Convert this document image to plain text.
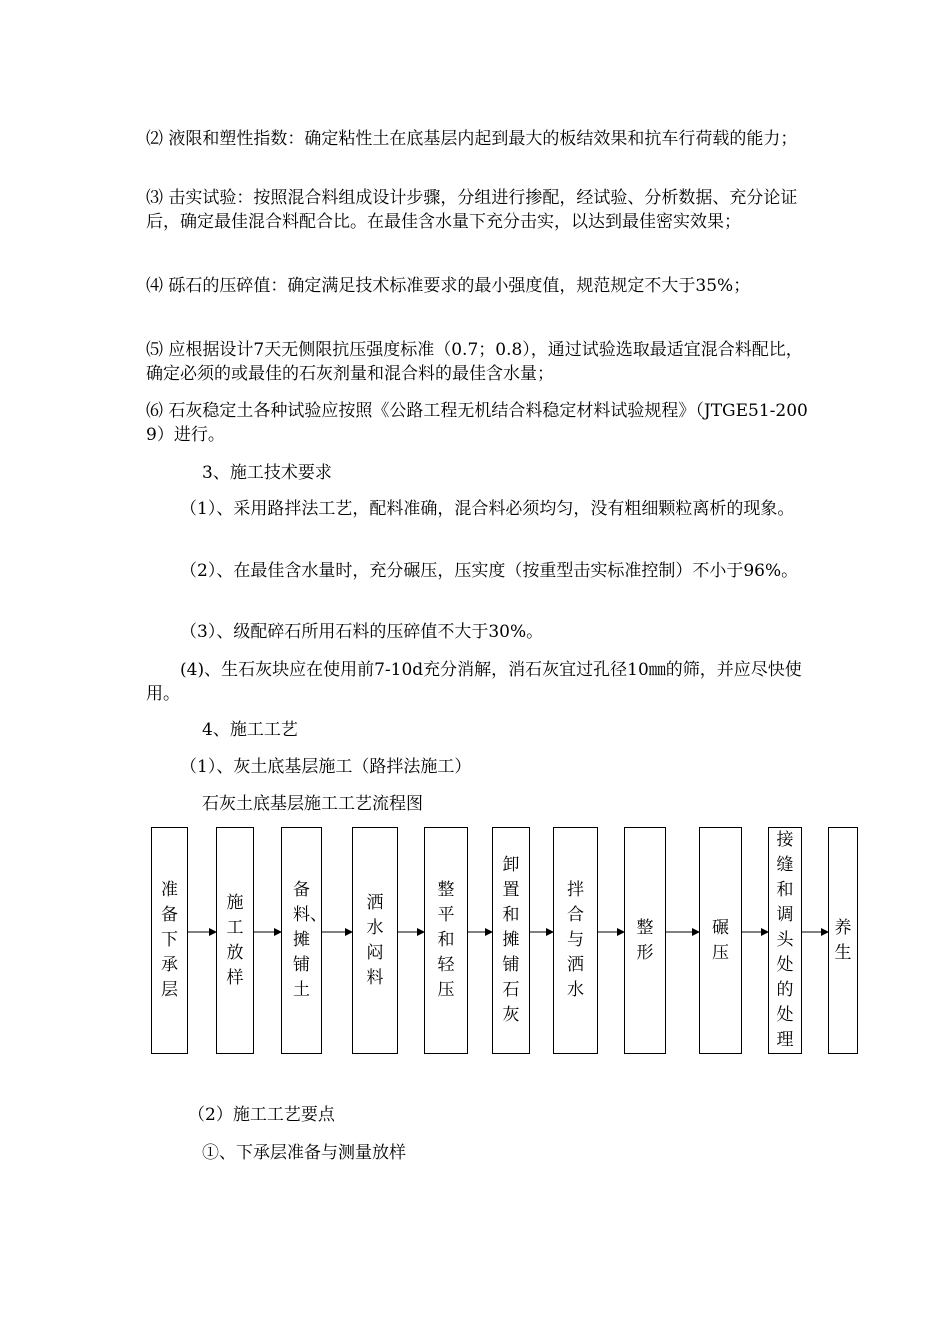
⑵ 液限和塑性指数：确定粘性土在底基层内起到最大的板结效果和抗车行荷载的能力；

⑶ 击实试验：按照混合料组成设计步骤，分组进行掺配，经试验、分析数据、充分论证后，确定最佳混合料配合比。在最佳含水量下充分击实，以达到最佳密实效果；

⑷ 砾石的压碎值：确定满足技术标准要求的最小强度值，规范规定不大于35%；

⑸ 应根据设计7天无侧限抗压强度标准（0.7；0.8），通过试验选取最适宜混合料配比，确定必须的或最佳的石灰剂量和混合料的最佳含水量；

⑹ 石灰稳定土各种试验应按照《公路工程无机结合料稳定材料试验规程》（JTGE51-2009）进行。

3、施工技术要求

（1）、采用路拌法工艺，配料准确，混合料必须均匀，没有粗细颗粒离析的现象。

（2）、在最佳含水量时，充分碾压，压实度（按重型击实标准控制）不小于96%。

（3）、级配碎石所用石料的压碎值不大于30%。

(4)、生石灰块应在使用前7-10d充分消解，消石灰宜过孔径10㎜的筛，并应尽快使用。

4、施工工艺

（1）、灰土底基层施工（路拌法施工）

石灰土底基层施工工艺流程图

准备下承层
施工放样
备料、摊铺土
洒水闷料
整平和轻压
卸置和摊铺石灰
拌合与洒水
整形
碾压
接缝和调头处的处理
养生

（2）施工工艺要点

①、下承层准备与测量放样
